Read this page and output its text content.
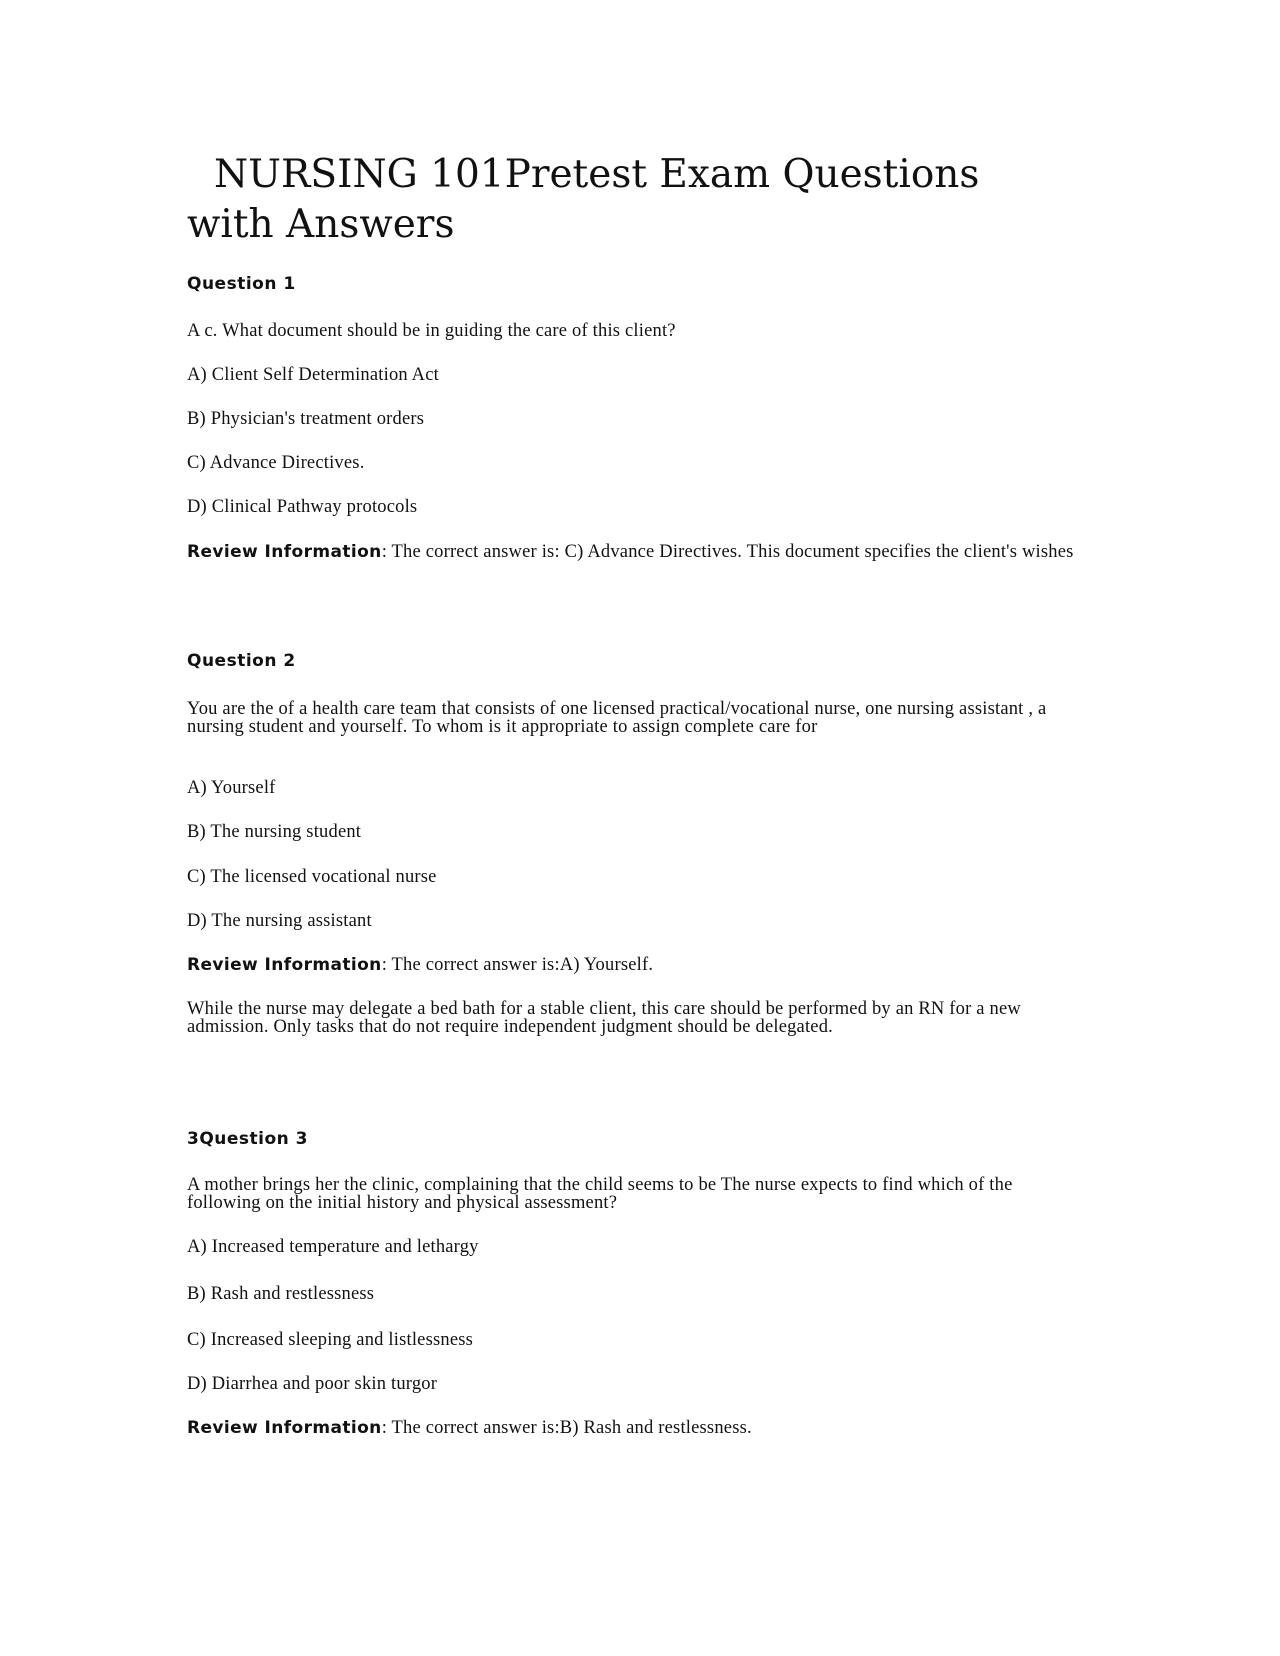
NURSING 101Pretest Exam Questions with Answers
Question 1

A c. What document should be in guiding the care of this client?

A) Client Self Determination Act

B) Physician's treatment orders

C) Advance Directives.

D) Clinical Pathway protocols

Review Information: The correct answer is: C) Advance Directives. This document specifies the client's wishes

Question 2

You are the of a health care team that consists of one licensed practical/vocational nurse, one nursing assistant , a nursing student and yourself. To whom is it appropriate to assign complete care for

A) Yourself

B) The nursing student

C) The licensed vocational nurse

D) The nursing assistant

Review Information: The correct answer is:A) Yourself.

While the nurse may delegate a bed bath for a stable client, this care should be performed by an RN for a new admission. Only tasks that do not require independent judgment should be delegated.

3Question 3

A mother brings her the clinic, complaining that the child seems to be The nurse expects to find which of the following on the initial history and physical assessment?

A) Increased temperature and lethargy

B) Rash and restlessness

C) Increased sleeping and listlessness

D) Diarrhea and poor skin turgor

Review Information: The correct answer is:B) Rash and restlessness.
